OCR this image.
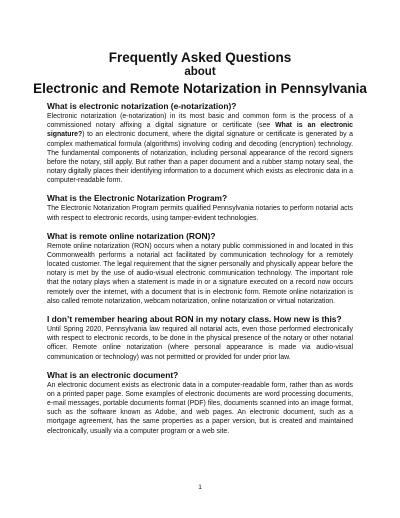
Frequently Asked Questions
about
Electronic and Remote Notarization in Pennsylvania
What is electronic notarization (e-notarization)?

Electronic notarization (e-notarization) in its most basic and common form is the process of a commissioned notary affixing a digital signature or certificate (see What is an electronic signature?) to an electronic document, where the digital signature or certificate is generated by a complex mathematical formula (algorithms) involving coding and decoding (encryption) technology. The fundamental components of notarization, including personal appearance of the record signers before the notary, still apply. But rather than a paper document and a rubber stamp notary seal, the notary digitally places their identifying information to a document which exists as electronic data in a computer-readable form.

What is the Electronic Notarization Program?

The Electronic Notarization Program permits qualified Pennsylvania notaries to perform notarial acts with respect to electronic records, using tamper-evident technologies.

What is remote online notarization (RON)?

Remote online notarization (RON) occurs when a notary public commissioned in and located in this Commonwealth performs a notarial act facilitated by communication technology for a remotely located customer. The legal requirement that the signer personally and physically appear before the notary is met by the use of audio-visual electronic communication technology. The important role that the notary plays when a statement is made in or a signature executed on a record now occurs remotely over the internet, with a document that is in electronic form. Remote online notarization is also called remote notarization, webcam notarization, online notarization or virtual notarization.

I don’t remember hearing about RON in my notary class. How new is this?

Until Spring 2020, Pennsylvania law required all notarial acts, even those performed electronically with respect to electronic records, to be done in the physical presence of the notary or other notarial officer. Remote online notarization (where personal appearance is made via audio-visual communication or technology) was not permitted or provided for under prior law.

What is an electronic document?

An electronic document exists as electronic data in a computer-readable form, rather than as words on a printed paper page. Some examples of electronic documents are word processing documents, e-mail messages, portable documents format (PDF) files, documents scanned into an image format, such as the software known as Adobe, and web pages. An electronic document, such as a mortgage agreement, has the same properties as a paper version, but is created and maintained electronically, usually via a computer program or a web site.

1
